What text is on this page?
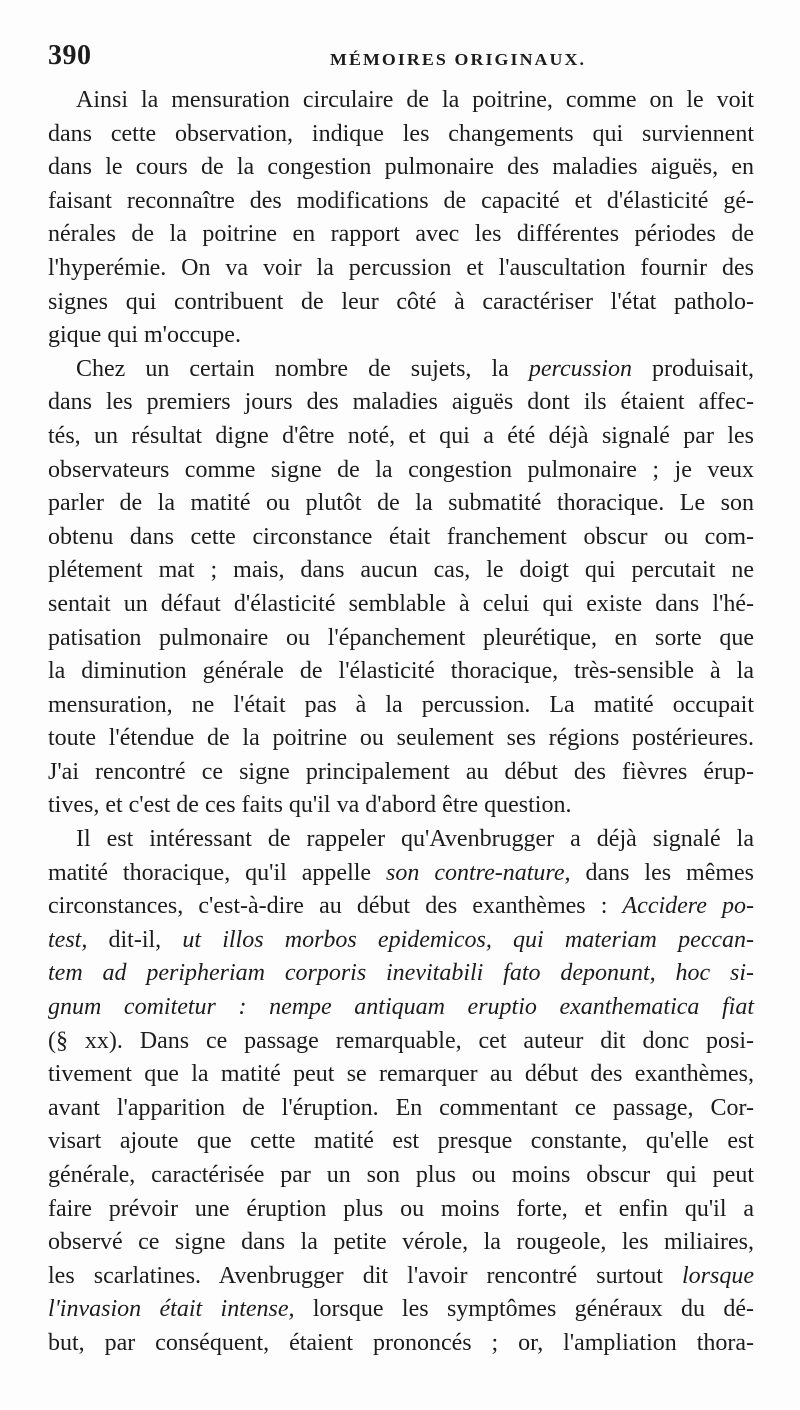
390	MÉMOIRES ORIGINAUX.
Ainsi la mensuration circulaire de la poitrine, comme on le voit
dans cette observation, indique les changements qui surviennent
dans le cours de la congestion pulmonaire des maladies aiguës, en
faisant reconnaître des modifications de capacité et d'élasticité gé-
nérales de la poitrine en rapport avec les différentes périodes de
l'hyperémie. On va voir la percussion et l'auscultation fournir des
signes qui contribuent de leur côté à caractériser l'état patholo-
gique qui m'occupe.
Chez un certain nombre de sujets, la percussion produisait,
dans les premiers jours des maladies aiguës dont ils étaient affec-
tés, un résultat digne d'être noté, et qui a été déjà signalé par les
observateurs comme signe de la congestion pulmonaire ; je veux
parler de la matité ou plutôt de la submatité thoracique. Le son
obtenu dans cette circonstance était franchement obscur ou com-
plétement mat ; mais, dans aucun cas, le doigt qui percutait ne
sentait un défaut d'élasticité semblable à celui qui existe dans l'hé-
patisation pulmonaire ou l'épanchement pleurétique, en sorte que
la diminution générale de l'élasticité thoracique, très-sensible à la
mensuration, ne l'était pas à la percussion. La matité occupait
toute l'étendue de la poitrine ou seulement ses régions postérieures.
J'ai rencontré ce signe principalement au début des fièvres érup-
tives, et c'est de ces faits qu'il va d'abord être question.
Il est intéressant de rappeler qu'Avenbrugger a déjà signalé la
matité thoracique, qu'il appelle son contre-nature, dans les mêmes
circonstances, c'est-à-dire au début des exanthèmes : Accidere po-
test, dit-il, ut illos morbos epidemicos, qui materiam peccan-
tem ad peripheriam corporis inevitabili fato deponunt, hoc si-
gnum comitetur : nempe antiquam eruptio exanthematica fiat
(§ xx). Dans ce passage remarquable, cet auteur dit donc posi-
tivement que la matité peut se remarquer au début des exanthèmes,
avant l'apparition de l'éruption. En commentant ce passage, Cor-
visart ajoute que cette matité est presque constante, qu'elle est
générale, caractérisée par un son plus ou moins obscur qui peut
faire prévoir une éruption plus ou moins forte, et enfin qu'il a
observé ce signe dans la petite vérole, la rougeole, les miliaires,
les scarlatines. Avenbrugger dit l'avoir rencontré surtout lorsque
l'invasion était intense, lorsque les symptômes généraux du dé-
but, par conséquent, étaient prononcés ; or, l'ampliation thora-
